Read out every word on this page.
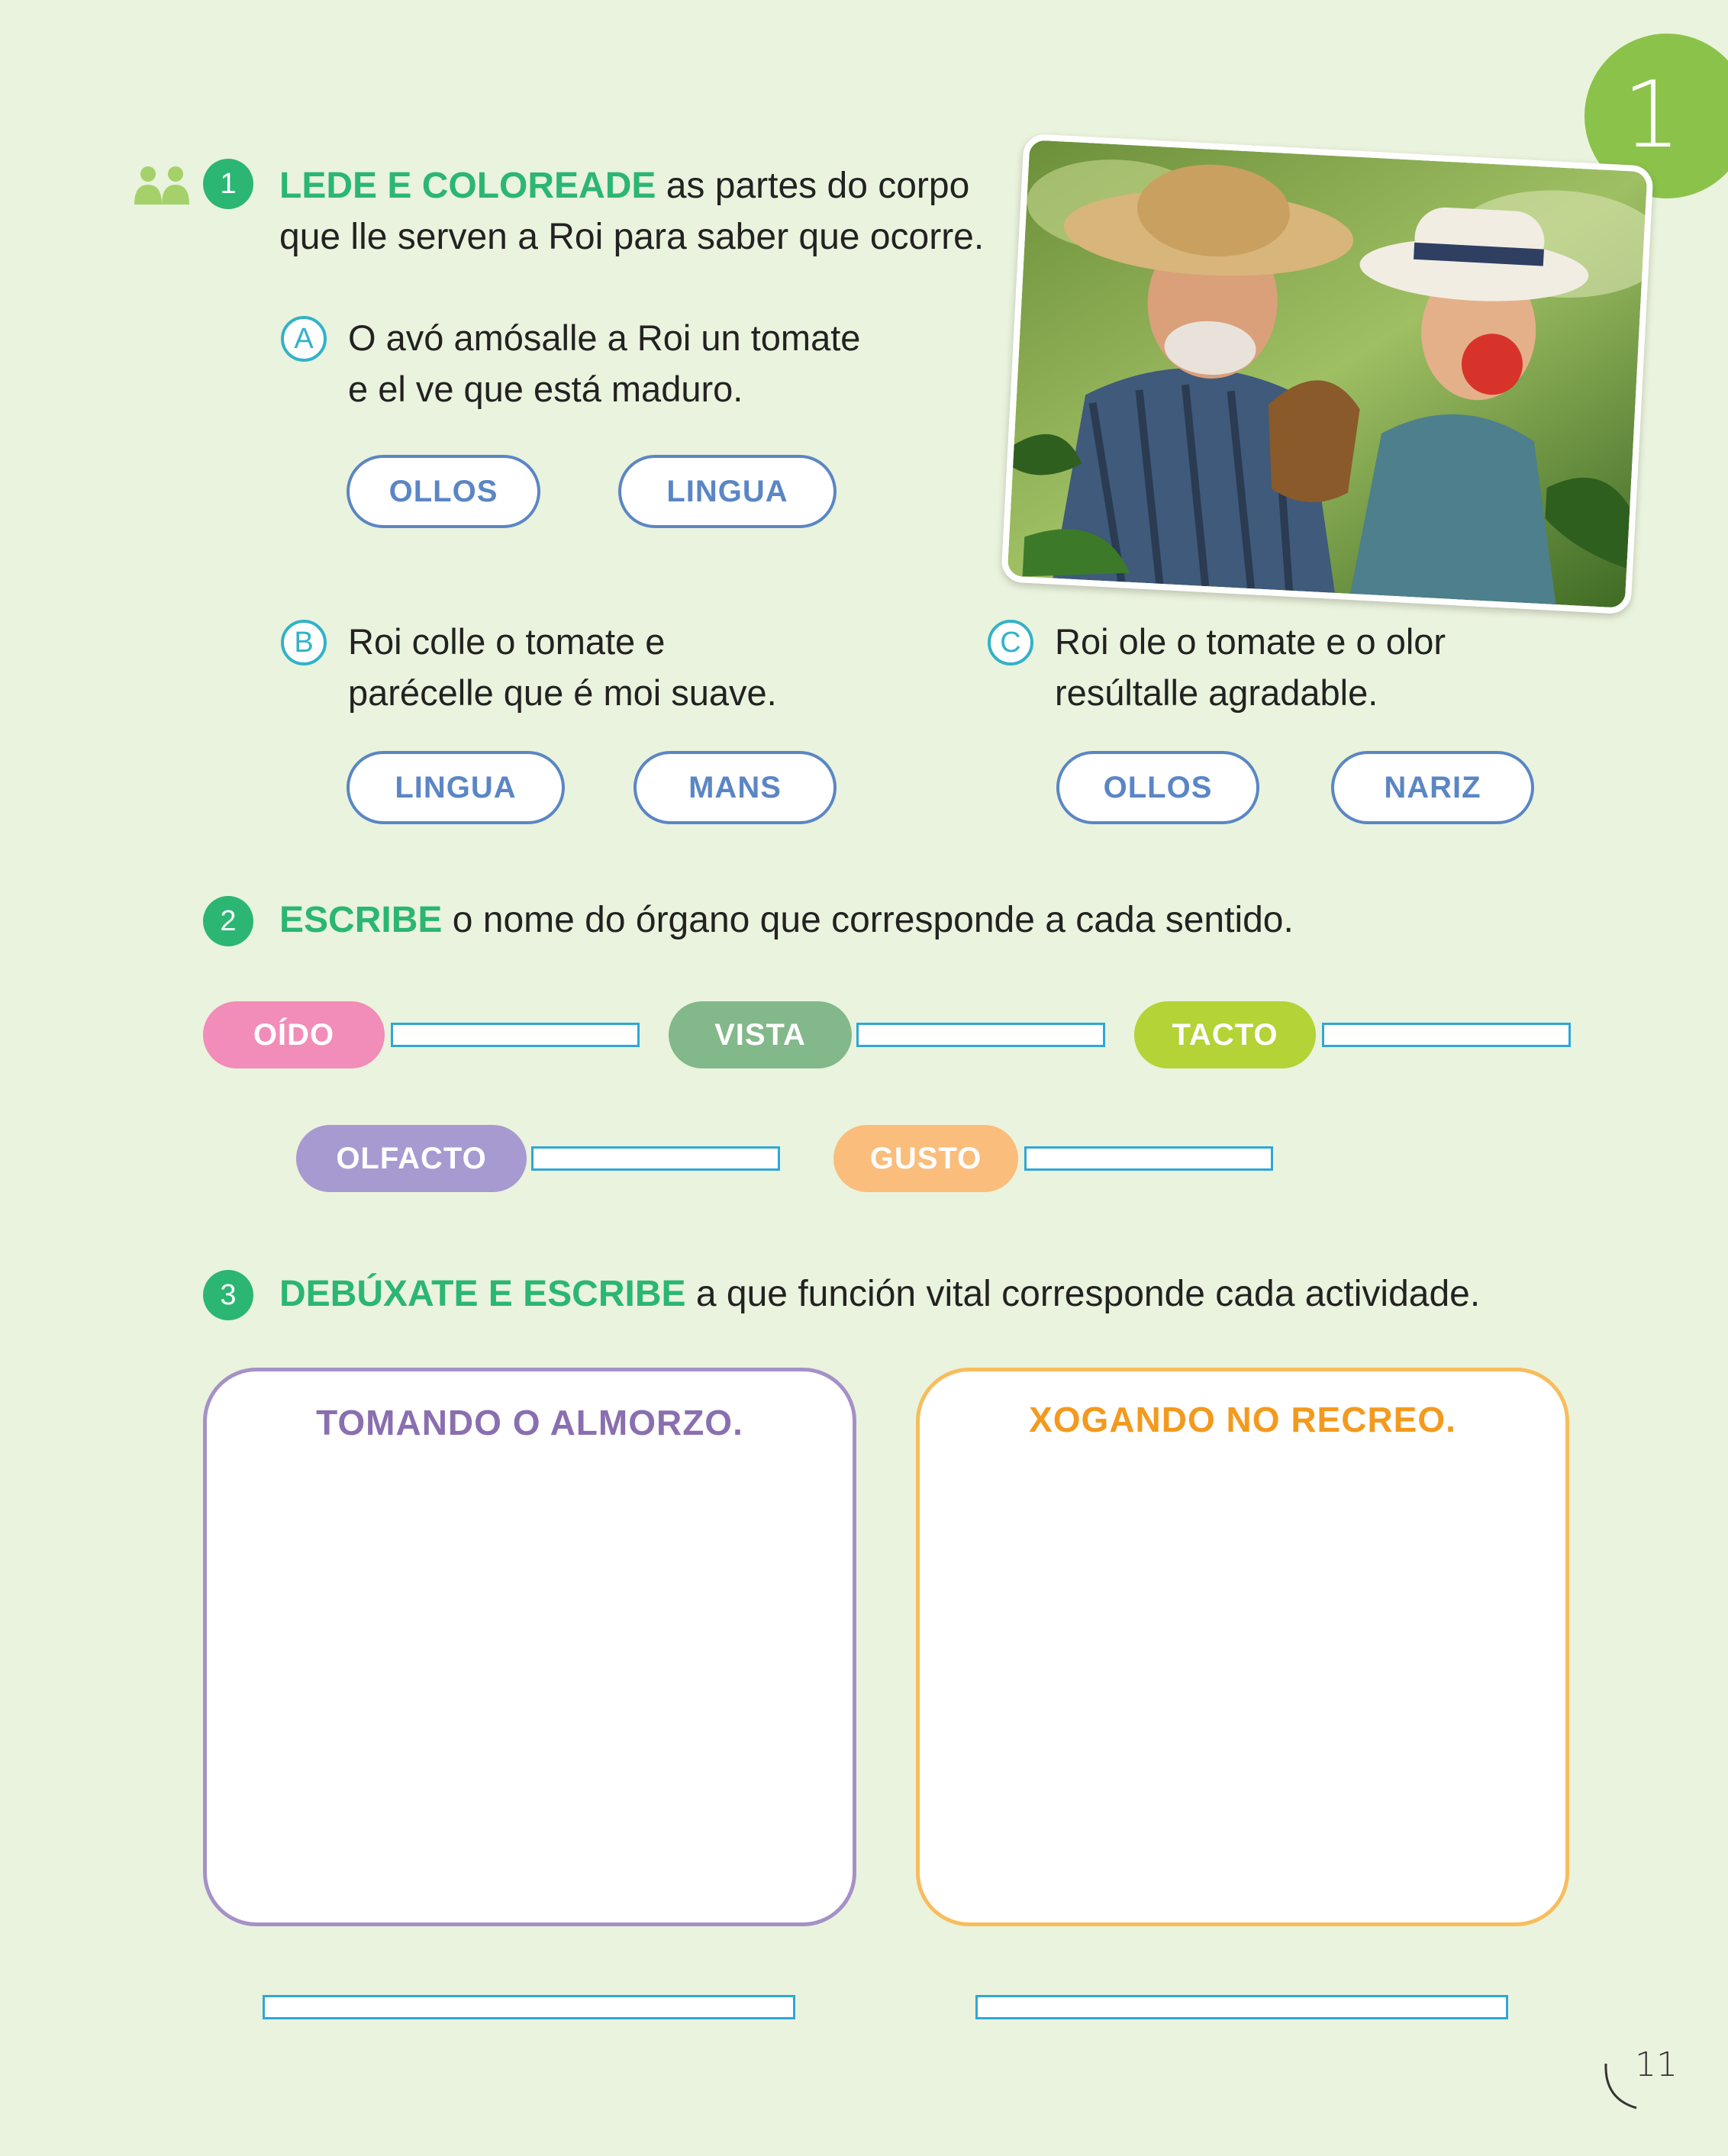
1
1	LEDE E COLOREADE as partes do corpo
que lle serven a Roi para saber que ocorre.
A O avó amósalle a Roi un tomate
e el ve que está maduro.
OLLOS	LINGUA
B Roi colle o tomate e
parécelle que é moi suave.
LINGUA	MANS
C Roi ole o tomate e o olor
resúltalle agradable.
OLLOS	NARIZ
2	ESCRIBE o nome do órgano que corresponde a cada sentido.
OÍDO	VISTA	TACTO
OLFACTO	GUSTO
3	DEBÚXATE E ESCRIBE a que función vital corresponde cada actividade.
TOMANDO O ALMORZO.	XOGANDO NO RECREO.
11
